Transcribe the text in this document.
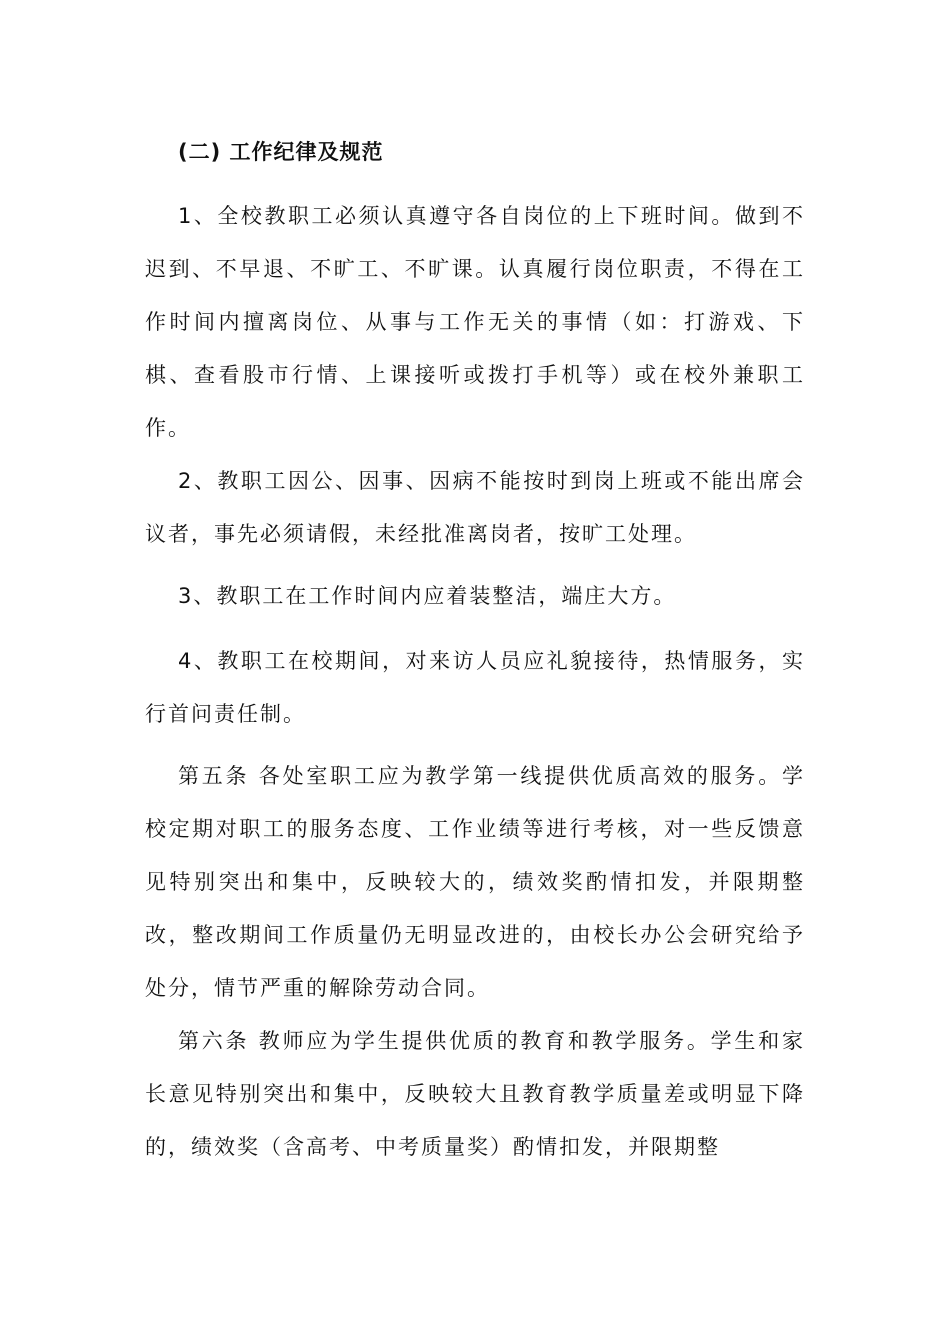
(二) 工作纪律及规范

1、全校教职工必须认真遵守各自岗位的上下班时间。做到不迟到、不早退、不旷工、不旷课。认真履行岗位职责，不得在工作时间内擅离岗位、从事与工作无关的事情（如：打游戏、下棋、查看股市行情、上课接听或拨打手机等）或在校外兼职工作。

2、教职工因公、因事、因病不能按时到岗上班或不能出席会议者，事先必须请假，未经批准离岗者，按旷工处理。

3、教职工在工作时间内应着装整洁，端庄大方。

4、教职工在校期间，对来访人员应礼貌接待，热情服务，实行首问责任制。

第五条 各处室职工应为教学第一线提供优质高效的服务。学校定期对职工的服务态度、工作业绩等进行考核，对一些反馈意见特别突出和集中，反映较大的，绩效奖酌情扣发，并限期整改，整改期间工作质量仍无明显改进的，由校长办公会研究给予处分，情节严重的解除劳动合同。

第六条 教师应为学生提供优质的教育和教学服务。学生和家长意见特别突出和集中，反映较大且教育教学质量差或明显下降的，绩效奖（含高考、中考质量奖）酌情扣发，并限期整
